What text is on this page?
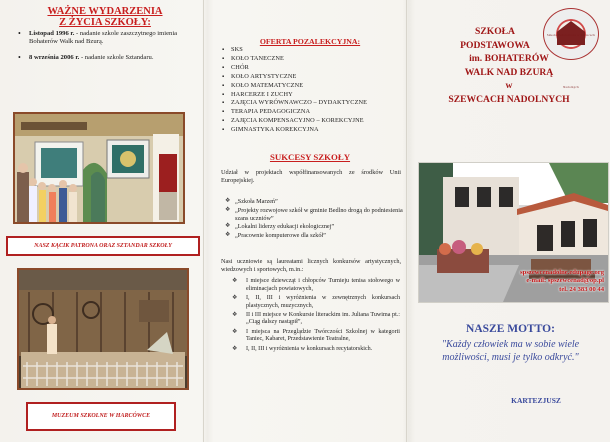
WAŻNE WYDARZENIA
Z ŻYCIA SZKOŁY:
• Listopad 1996 r. - nadanie szkole zaszczytnego imienia Bohaterów Walk nad Bzurą.
• 8 września 2006 r. - nadanie szkole Sztandaru.
NASZ KĄCIK PATRONA ORAZ SZTANDAR SZKOŁY
MUZEUM SZKOLNE W HARCÓWCE
OFERTA POZALEKCYJNA:
▪ SKS
▪ KOŁO TANECZNE
▪ CHÓR
▪ KOŁO ARTYSTYCZNE
▪ KOŁO MATEMATYCZNE
▪ HARCERZE I ZUCHY
▪ ZAJĘCIA WYRÓWNAWCZO – DYDAKTYCZNE
▪ TERAPIA PEDAGOGICZNA
▪ ZAJĘCIA KOMPENSACYJNO – KOREKCYJNE
▪ GIMNASTYKA KOREKCYJNA
SUKCESY SZKOŁY

Udział w projektach współfinansowanych ze środków Unii Europejskiej.

❖ „Szkoła Marzeń”
❖ „Projekty rozwojowe szkół w gminie Bedlno drogą do podniesienia szans uczniów”
❖ „Lokalni liderzy edukacji ekologicznej”
❖ „Pracownie komputerowe dla szkół”

Nasi uczniowie są laureatami licznych konkursów artystycznych, wiedzowych i sportowych, m.in.:

❖ I miejsce dziewcząt i chłopców Turnieju tenisa stołowego w eliminacjach powiatowych,
❖ I, II, III i wyróżnienia w zewnętrznych konkursach plastycznych, muzycznych,
❖ II i III miejsce w Konkursie literackim im. Juliana Tuwima pt.: „Ciąg dalszy nastąpił”,
❖ I miejsca na Przeglądzie Twórczości Szkolnej w kategorii Taniec, Kabaret, Przedstawienie Teatralne,
❖ I, II, III i wyróżnienia w konkursach recytatorskich.
Szkoła Podstawowa w Szewcach Nadolnych
SZKOŁA
PODSTAWOWA
im. BOHATERÓW
WALK NAD BZURĄ
w
SZEWCACH NADOLNYCH
spszewcenadolne.edupage.org
e-mail: spszewcenad@op.pl
tel. 24 383 00 44
NASZE MOTTO:

"Każdy człowiek ma w sobie wiele możliwości, musi je tylko odkryć."

KARTEZJUSZ
